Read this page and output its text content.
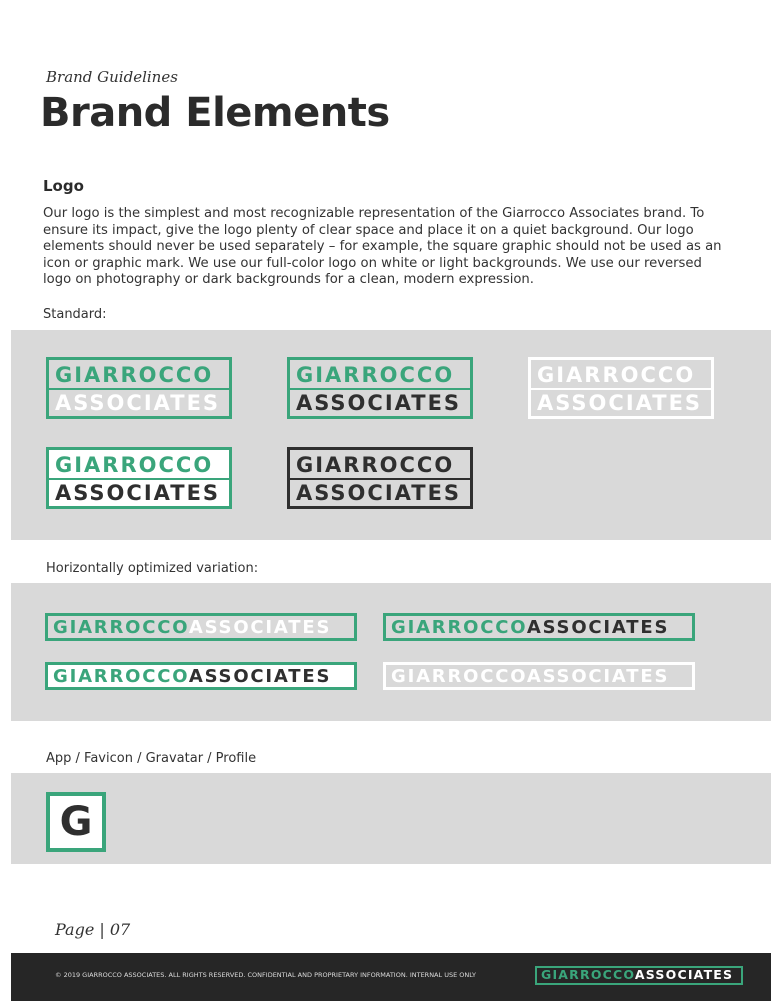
Brand Guidelines
Brand Elements
Logo
Our logo is the simplest and most recognizable representation of the Giarrocco Associates brand. To ensure its impact, give the logo plenty of clear space and place it on a quiet background. Our logo elements should never be used separately – for example, the square graphic should not be used as an icon or graphic mark. We use our full-color logo on white or light backgrounds. We use our reversed logo on photography or dark backgrounds for a clean, modern expression.
Standard:
GIARROCCO
ASSOCIATES
GIARROCCO
ASSOCIATES
GIARROCCO
ASSOCIATES
GIARROCCO
ASSOCIATES
GIARROCCO
ASSOCIATES
Horizontally optimized variation:
GIARROCCOASSOCIATES	GIARROCCOASSOCIATES
GIARROCCOASSOCIATES	GIARROCCOASSOCIATES
App / Favicon / Gravatar / Profile
G
Page | 07
© 2019 GIARROCCO ASSOCIATES. ALL RIGHTS RESERVED. CONFIDENTIAL AND PROPRIETARY INFORMATION. INTERNAL USE ONLY	GIARROCCOASSOCIATES
